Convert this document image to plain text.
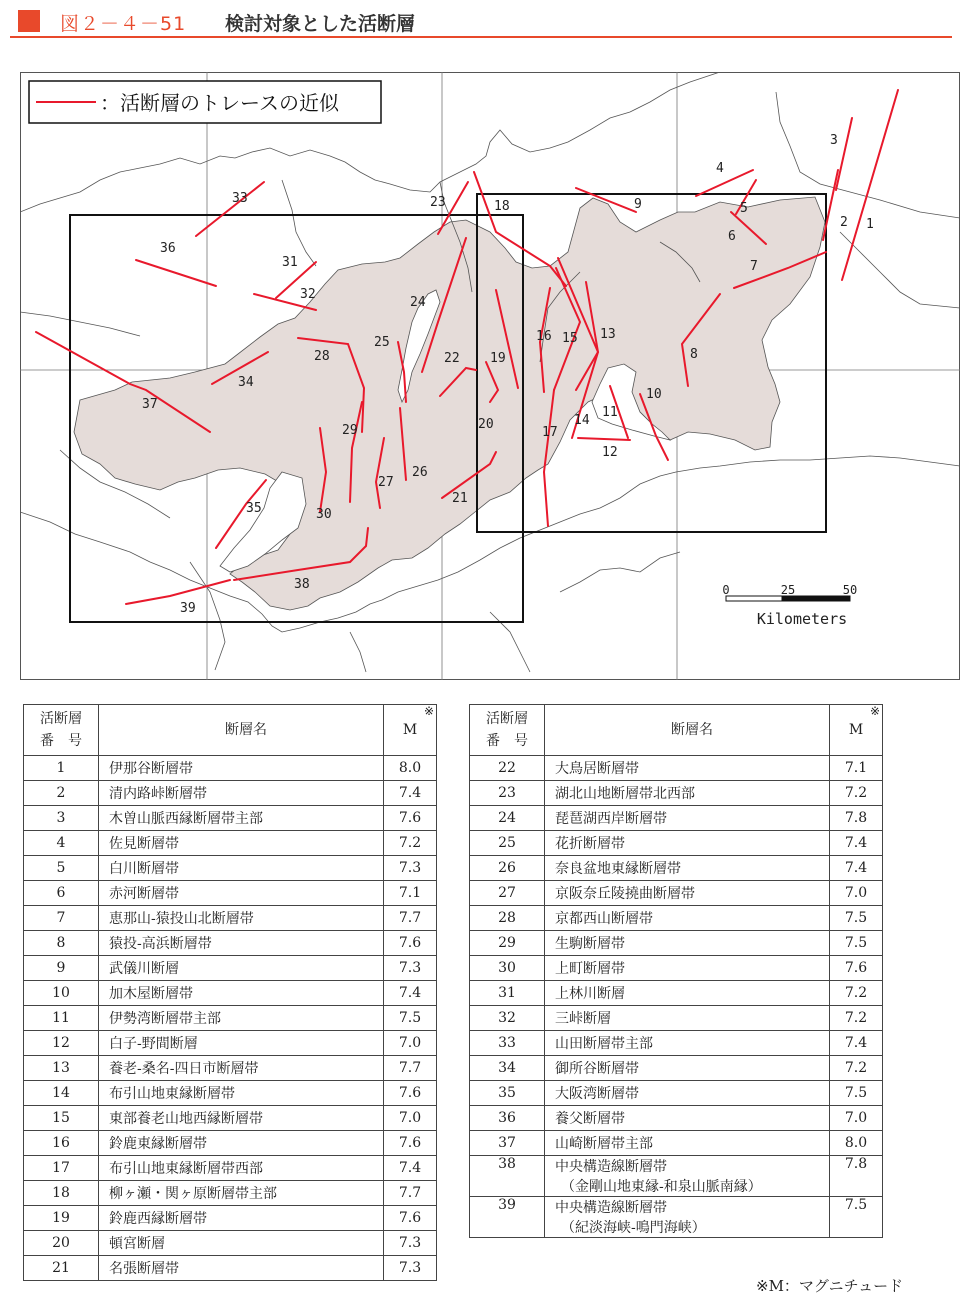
図２－４－51 検討対象とした活断層
0	25	50
Kilometers
：活断層のトレースの近似
1
2
3
4
5
6
7
8
9
10
11
12
13
14
15
16
17
18
19
20
21
22
23
24
25
26
27
28
29
30
31
32
33
34
35
36
37
38
39
活断層
番　号	断層名	※
M
1	伊那谷断層帯	8.0
2	清内路峠断層帯	7.4
3	木曽山脈西縁断層帯主部	7.6
4	佐見断層帯	7.2
5	白川断層帯	7.3
6	赤河断層帯	7.1
7	恵那山-猿投山北断層帯	7.7
8	猿投-高浜断層帯	7.6
9	武儀川断層	7.3
10	加木屋断層帯	7.4
11	伊勢湾断層帯主部	7.5
12	白子-野間断層	7.0
13	養老-桑名-四日市断層帯	7.7
14	布引山地東縁断層帯	7.6
15	東部養老山地西縁断層帯	7.0
16	鈴鹿東縁断層帯	7.6
17	布引山地東縁断層帯西部	7.4
18	柳ヶ瀬・関ヶ原断層帯主部	7.7
19	鈴鹿西縁断層帯	7.6
20	頓宮断層	7.3
21	名張断層帯	7.3
活断層
番　号	断層名	※
M
22	大鳥居断層帯	7.1
23	湖北山地断層帯北西部	7.2
24	琵琶湖西岸断層帯	7.8
25	花折断層帯	7.4
26	奈良盆地東縁断層帯	7.4
27	京阪奈丘陵撓曲断層帯	7.0
28	京都西山断層帯	7.5
29	生駒断層帯	7.5
30	上町断層帯	7.6
31	上林川断層	7.2
32	三峠断層	7.2
33	山田断層帯主部	7.4
34	御所谷断層帯	7.2
35	大阪湾断層帯	7.5
36	養父断層帯	7.0
37	山崎断層帯主部	8.0
38	中央構造線断層帯
（金剛山地東縁-和泉山脈南縁）	7.8
39	中央構造線断層帯
（紀淡海峡-鳴門海峡）	7.5
※M：マグニチュード
